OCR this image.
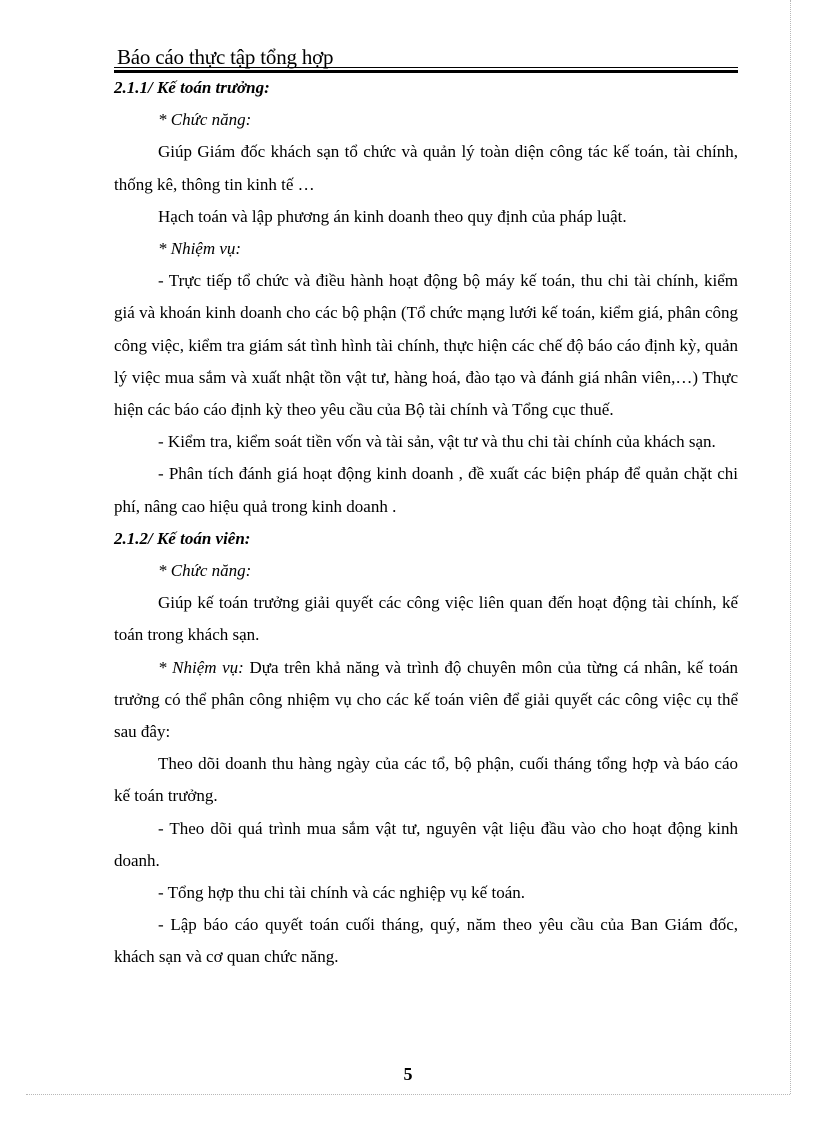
Báo cáo thực tập tổng hợp

2.1.1/ Kế toán trưởng:

* Chức năng:

Giúp Giám đốc khách sạn tổ chức và quản lý toàn diện công tác kế toán, tài chính, thống kê, thông tin kinh tế …

Hạch toán và lập phương án kinh doanh theo quy định của pháp luật.

* Nhiệm vụ:

- Trực tiếp tổ chức và điều hành hoạt động bộ máy kế toán, thu chi tài chính, kiểm giá và khoán kinh doanh cho các bộ phận (Tổ chức mạng lưới kế toán, kiểm giá, phân công công việc, kiểm tra giám sát tình hình tài chính, thực hiện các chế độ báo cáo định kỳ, quản lý việc mua sắm và xuất nhật tồn vật tư, hàng hoá, đào tạo và đánh giá nhân viên,…) Thực hiện các báo cáo định kỳ theo yêu cầu của Bộ tài chính và Tổng cục thuế.

- Kiểm tra, kiểm soát tiền vốn và tài sản, vật tư và thu chi tài chính của khách sạn.

- Phân tích đánh giá hoạt động kinh doanh , đề xuất các biện pháp để quản chặt chi phí, nâng cao hiệu quả trong kinh doanh .

2.1.2/ Kế toán viên:

* Chức năng:

Giúp kế toán trưởng giải quyết các công việc liên quan đến hoạt động tài chính, kế toán trong khách sạn.

* Nhiệm vụ: Dựa trên khả năng và trình độ chuyên môn của từng cá nhân, kế toán trưởng có thể phân công nhiệm vụ cho các kế toán viên để giải quyết các công việc cụ thể sau đây:

Theo dõi doanh thu hàng ngày của các tổ, bộ phận, cuối tháng tổng hợp và báo cáo kế toán trưởng.

- Theo dõi quá trình mua sắm vật tư, nguyên vật liệu đầu vào cho hoạt động kinh doanh.

- Tổng hợp thu chi tài chính và các nghiệp vụ kế toán.

- Lập báo cáo quyết toán cuối tháng, quý, năm theo yêu cầu của Ban Giám đốc, khách sạn và cơ quan chức năng.

5
